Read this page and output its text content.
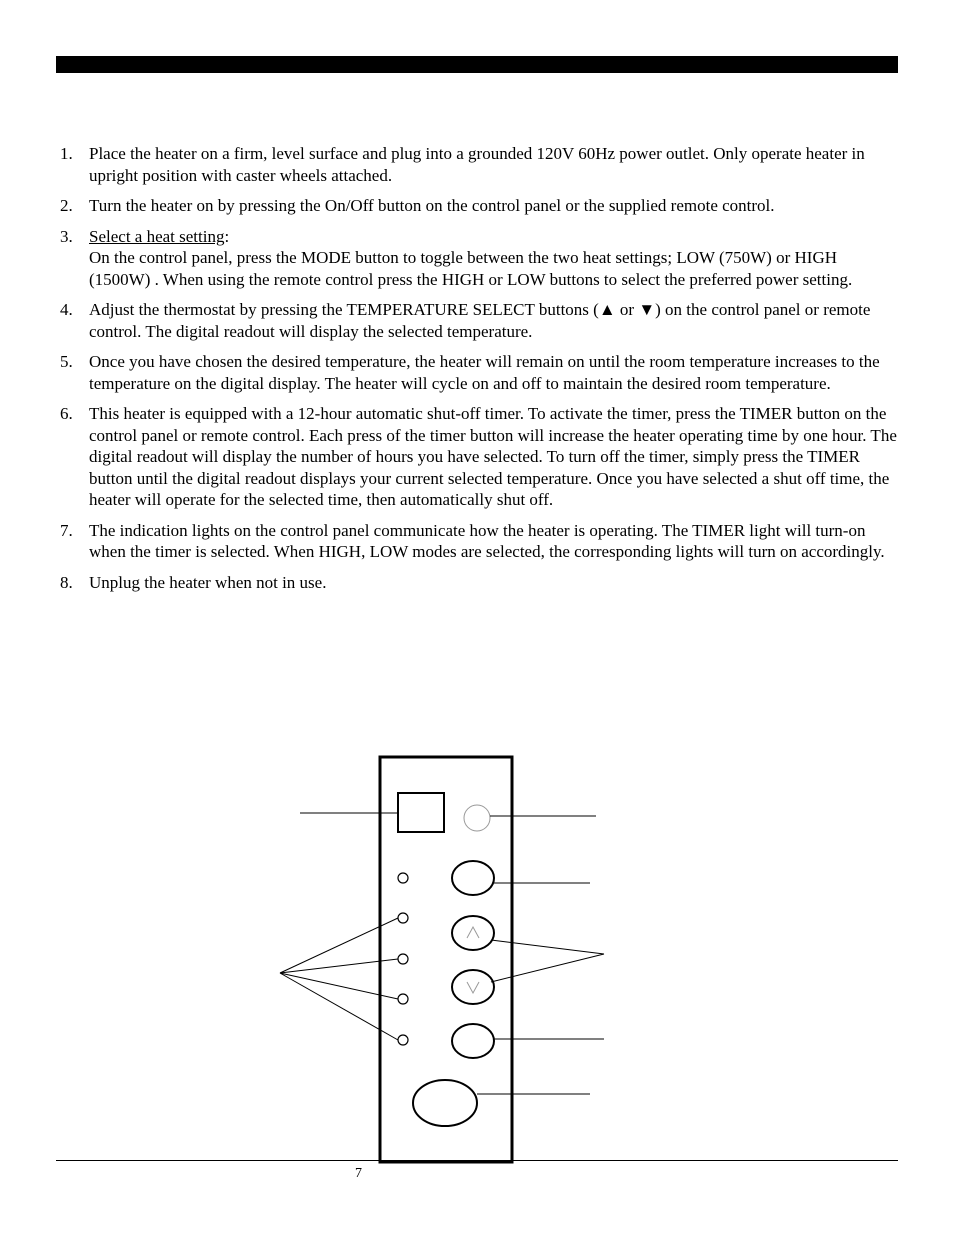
1. Place the heater on a firm, level surface and plug into a grounded 120V 60Hz power outlet. Only operate heater in upright position with caster wheels attached.
2. Turn the heater on by pressing the On/Off button on the control panel or the supplied remote control.
3. Select a heat setting:
On the control panel, press the MODE button to toggle between the two heat settings; LOW (750W) or HIGH (1500W) . When using the remote control press the HIGH or LOW buttons to select the preferred power setting.
4. Adjust the thermostat by pressing the TEMPERATURE SELECT buttons (▲ or ▼) on the control panel or remote control. The digital readout will display the selected temperature.
5. Once you have chosen the desired temperature, the heater will remain on until the room temperature increases to the temperature on the digital display. The heater will cycle on and off to maintain the desired room temperature.
6. This heater is equipped with a 12-hour automatic shut-off timer. To activate the timer, press the TIMER button on the control panel or remote control. Each press of the timer button will increase the heater operating time by one hour. The digital readout will display the number of hours you have selected. To turn off the timer, simply press the TIMER button until the digital readout displays your current selected temperature. Once you have selected a shut off time, the heater will operate for the selected time, then automatically shut off.
7. The indication lights on the control panel communicate how the heater is operating. The TIMER light will turn-on when the timer is selected. When HIGH, LOW modes are selected, the corresponding lights will turn on accordingly.
8. Unplug the heater when not in use.
7
